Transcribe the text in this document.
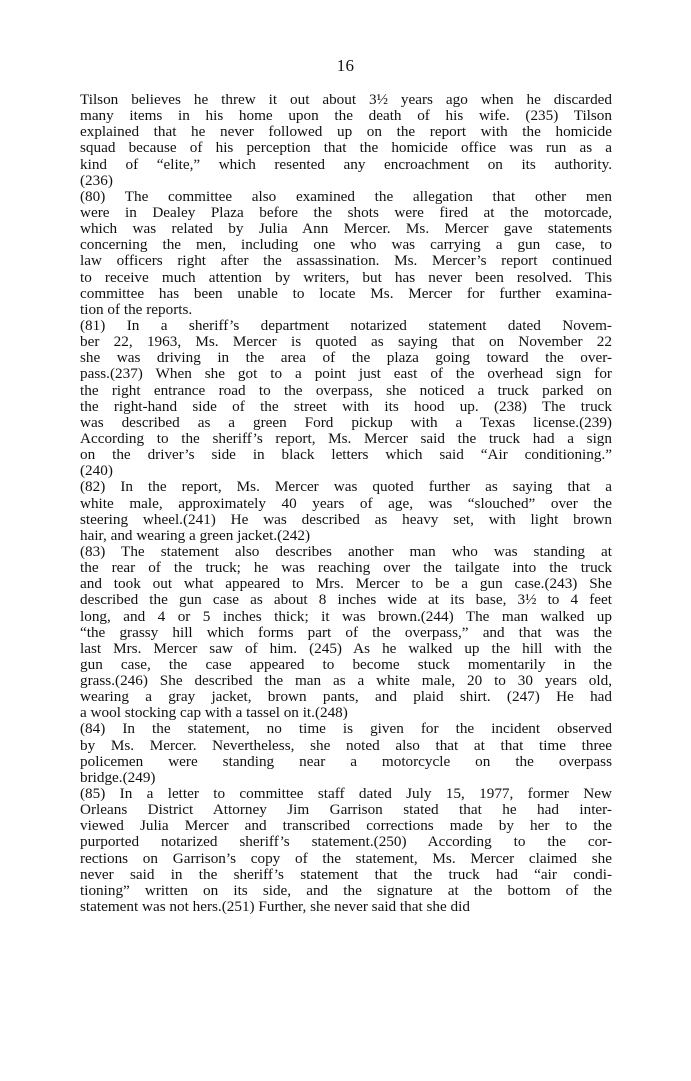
16
Tilson believes he threw it out about 3½ years ago when he discarded
many items in his home upon the death of his wife. (235) Tilson
explained that he never followed up on the report with the homicide
squad because of his perception that the homicide office was run as a
kind of “elite,” which resented any encroachment on its authority.
(236)
(80) The committee also examined the allegation that other men
were in Dealey Plaza before the shots were fired at the motorcade,
which was related by Julia Ann Mercer. Ms. Mercer gave statements
concerning the men, including one who was carrying a gun case, to
law officers right after the assassination. Ms. Mercer’s report continued
to receive much attention by writers, but has never been resolved. This
committee has been unable to locate Ms. Mercer for further examina-
tion of the reports.
(81) In a sheriff’s department notarized statement dated Novem-
ber 22, 1963, Ms. Mercer is quoted as saying that on November 22
she was driving in the area of the plaza going toward the over-
pass.(237) When she got to a point just east of the overhead sign for
the right entrance road to the overpass, she noticed a truck parked on
the right-hand side of the street with its hood up. (238) The truck
was described as a green Ford pickup with a Texas license.(239)
According to the sheriff’s report, Ms. Mercer said the truck had a sign
on the driver’s side in black letters which said “Air conditioning.”
(240)
(82) In the report, Ms. Mercer was quoted further as saying that a
white male, approximately 40 years of age, was “slouched” over the
steering wheel.(241) He was described as heavy set, with light brown
hair, and wearing a green jacket.(242)
(83) The statement also describes another man who was standing at
the rear of the truck; he was reaching over the tailgate into the truck
and took out what appeared to Mrs. Mercer to be a gun case.(243) She
described the gun case as about 8 inches wide at its base, 3½ to 4 feet
long, and 4 or 5 inches thick; it was brown.(244) The man walked up
“the grassy hill which forms part of the overpass,” and that was the
last Mrs. Mercer saw of him. (245) As he walked up the hill with the
gun case, the case appeared to become stuck momentarily in the
grass.(246) She described the man as a white male, 20 to 30 years old,
wearing a gray jacket, brown pants, and plaid shirt. (247) He had
a wool stocking cap with a tassel on it.(248)
(84) In the statement, no time is given for the incident observed
by Ms. Mercer. Nevertheless, she noted also that at that time three
policemen were standing near a motorcycle on the overpass
bridge.(249)
(85) In a letter to committee staff dated July 15, 1977, former New
Orleans District Attorney Jim Garrison stated that he had inter-
viewed Julia Mercer and transcribed corrections made by her to the
purported notarized sheriff’s statement.(250) According to the cor-
rections on Garrison’s copy of the statement, Ms. Mercer claimed she
never said in the sheriff’s statement that the truck had “air condi-
tioning” written on its side, and the signature at the bottom of the
statement was not hers.(251) Further, she never said that she did
